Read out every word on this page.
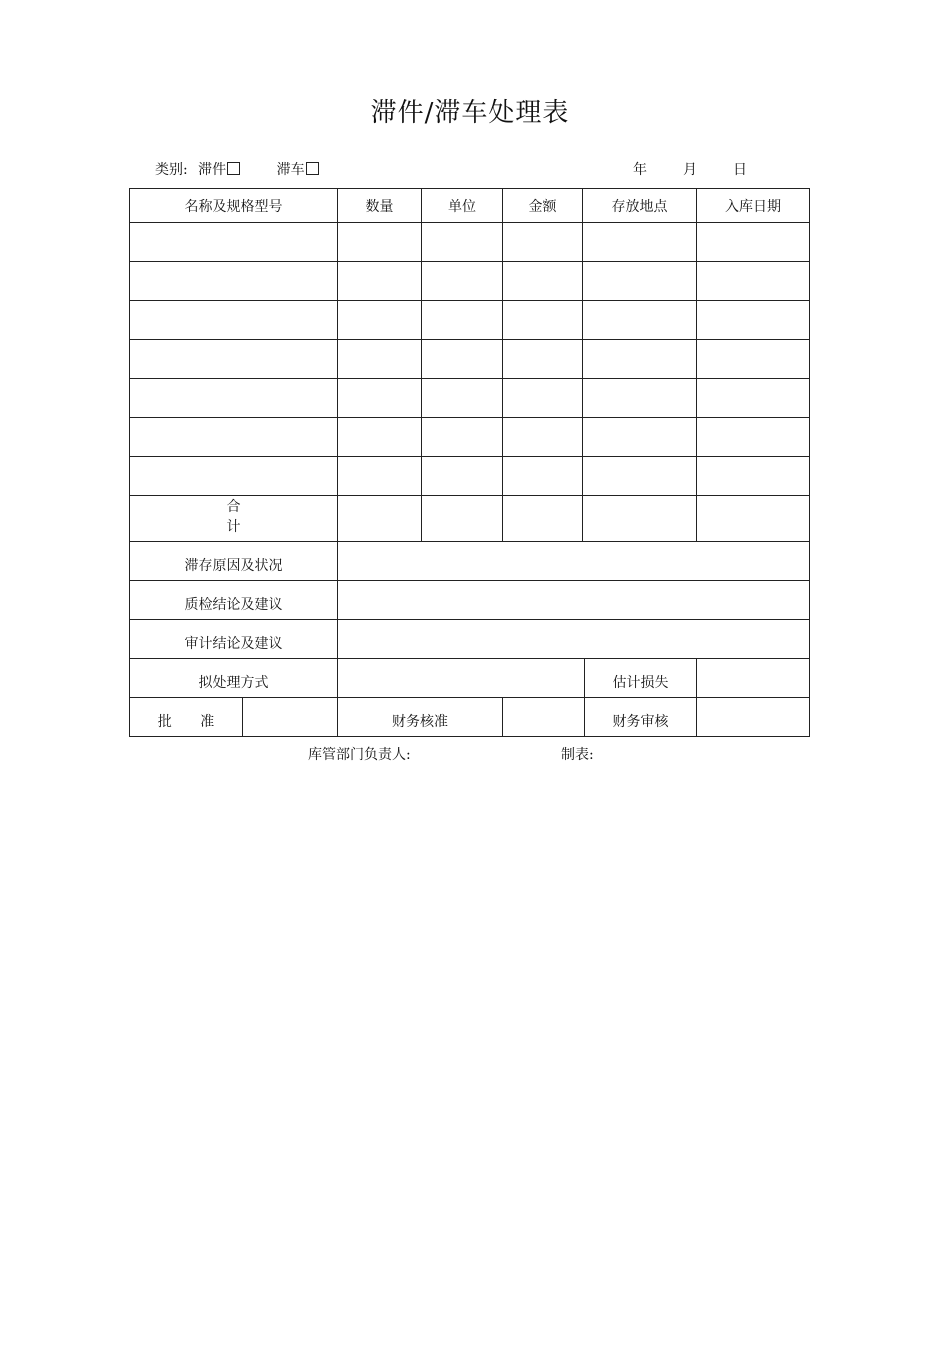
滞件/滞车处理表
类别: 滞件	滞车	年	月	日
名称及规格型号		数量	单位	金额	存放地点		入库日期

合 计							
滞存原因及状况							
质检结论及建议							
审计结论及建议							
拟处理方式						估计损失	
批 准		财务核准				财务审核	
库管部门负责人:	制表:
